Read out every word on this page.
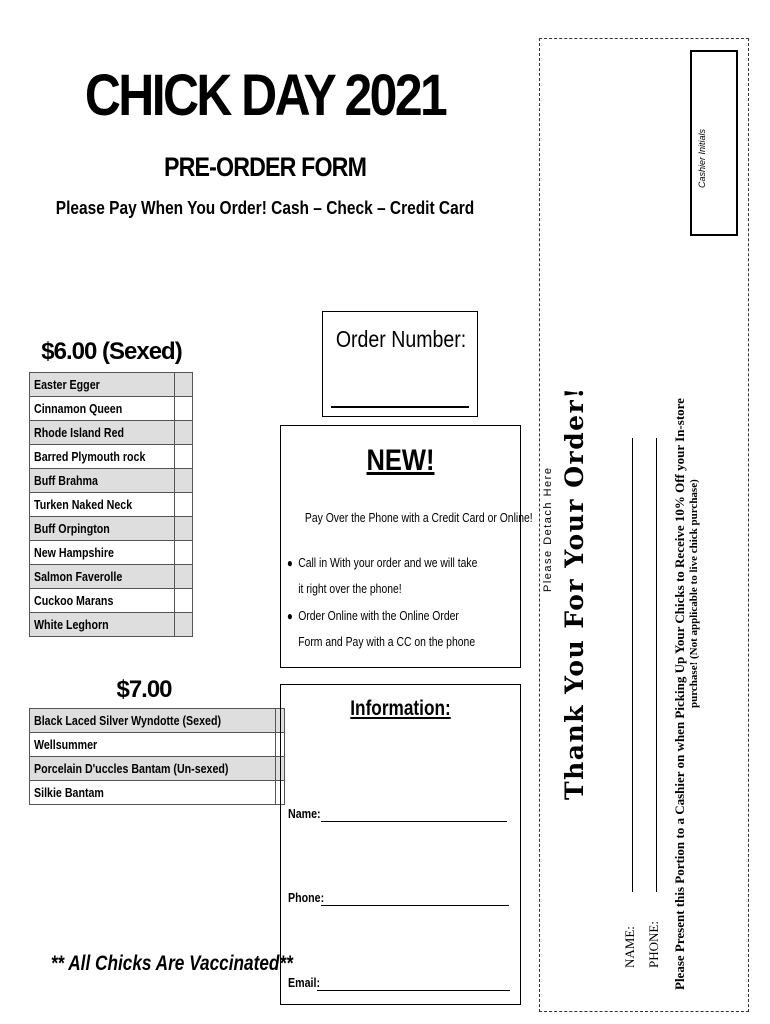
CHICK DAY 2021
PRE-ORDER FORM
Please Pay When You Order! Cash – Check – Credit Card
$6.00 (Sexed)
Easter Egger	
Cinnamon Queen	
Rhode Island Red	
Barred Plymouth rock	
Buff Brahma	
Turken Naked Neck	
Buff Orpington	
New Hampshire	
Salmon Faverolle	
Cuckoo Marans	
White Leghorn	
$7.00
Black Laced Silver Wyndotte (Sexed)	
Wellsummer	
Porcelain D'uccles Bantam (Un-sexed)	
Silkie Bantam	
Order Number:
NEW!
Pay Over the Phone with a Credit Card or Online!
● Call in With your order and we will take it right over the phone!
● Order Online with the Online Order Form and Pay with a CC on the phone
Information:
Name:
Phone:
Email:
** All Chicks Are Vaccinated**
Please Detach Here Thank You For Your Order!
NAME: PHONE: Please Present this Portion to a Cashier on when Picking Up Your Chicks to Receive 10% Off your In-store purchase! (Not applicable to live chick purchase)
Cashier Initials
